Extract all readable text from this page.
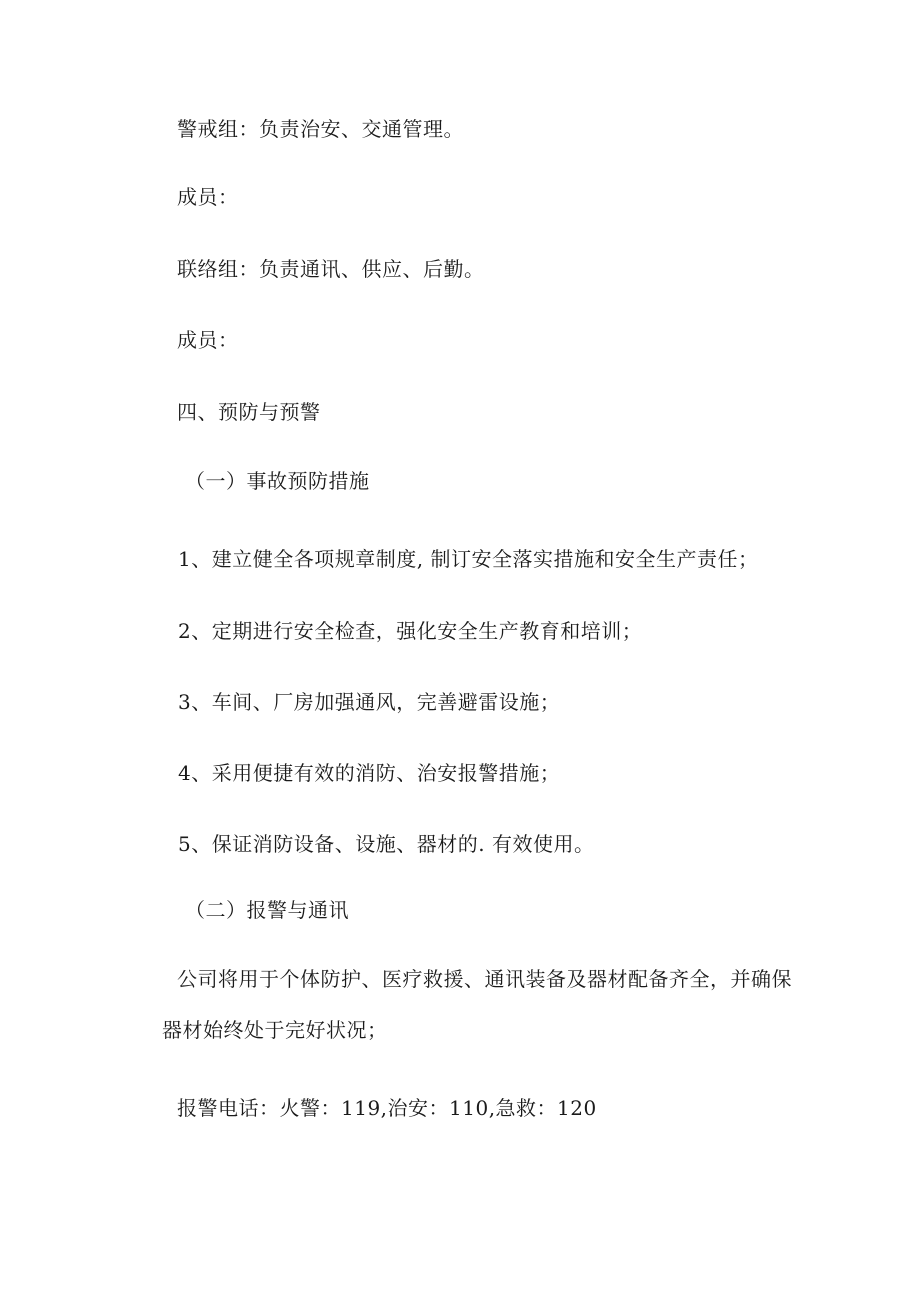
警戒组：负责治安、交通管理。
成员：
联络组：负责通讯、供应、后勤。
成员：
四、预防与预警
（一）事故预防措施
1、建立健全各项规章制度, 制订安全落实措施和安全生产责任；
2、定期进行安全检查，强化安全生产教育和培训；
3、车间、厂房加强通风，完善避雷设施；
4、采用便捷有效的消防、治安报警措施；
5、保证消防设备、设施、器材的. 有效使用。
（二）报警与通讯
公司将用于个体防护、医疗救援、通讯装备及器材配备齐全，并确保
器材始终处于完好状况；
报警电话：火警：119,治安：110,急救：120
